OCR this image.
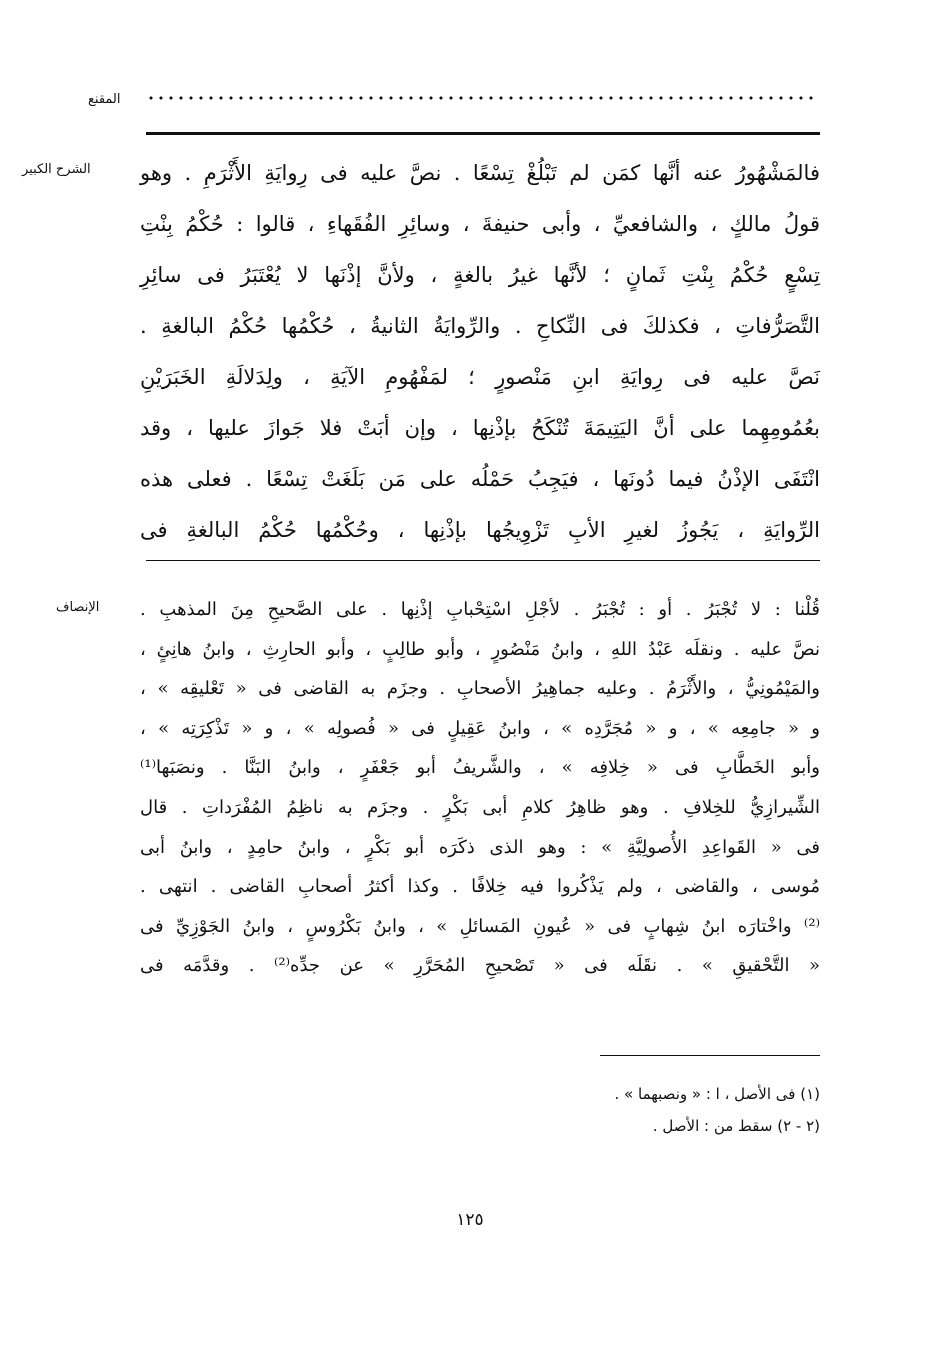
المقنع
الشرح الكبير فالمَشْهُورُ عنه أنَّها كمَن لم تَبْلُغْ تِسْعًا . نصَّ عليه فى رِوايَةِ الأَثْرَمِ . وهو
قولُ مالكٍ ، والشافعيِّ ، وأبى حنيفةَ ، وسائِرِ الفُقَهاءِ ، قالوا : حُكْمُ بِنْتِ
تِسْعٍ حُكْمُ بِنْتِ ثَمانٍ ؛ لأنَّها غيرُ بالغةٍ ، ولأنَّ إذْنَها لا يُعْتَبَرُ فى سائِرِ
التَّصَرُّفاتِ ، فكذلكَ فى النِّكاحِ . والرِّوايَةُ الثانيةُ ، حُكْمُها حُكْمُ البالغةِ .
نَصَّ عليه فى رِوايَةِ ابنِ مَنْصورٍ ؛ لمَفْهُومِ الآيَةِ ، ولِدَلالَةِ الخَبَرَيْنِ
بعُمُومِهِما على أنَّ اليَتِيمَةَ تُنْكَحُ بإذْنِها ، وإن أبَتْ فلا جَوازَ عليها ، وقد
انْتَفَى الإذْنُ فيما دُونَها ، فيَجِبُ حَمْلُه على مَن بَلَغَتْ تِسْعًا . فعلى هذه
الرِّوايَةِ ، يَجُوزُ لغيرِ الأبِ تَزْوِيجُها بإذْنِها ، وحُكْمُها حُكْمُ البالغةِ فى
الإنصاف قُلْنا : لا تُجْبَرُ . أو : تُجْبَرُ . لأجْلِ اسْتِحْبابِ إذْنِها . على الصَّحيحِ مِنَ المذهبِ .
نصَّ عليه . ونقلَه عَبْدُ اللهِ ، وابنُ مَنْصُورٍ ، وأبو طالِبٍ ، وأبو الحارِثِ ، وابنُ هانِئٍ ،
والمَيْمُونِيُّ ، والأَثْرَمُ . وعليه جماهِيرُ الأصحابِ . وجزَم به القاضى فى « تَعْليقِه » ،
و « جامِعِه » ، و « مُجَرَّدِه » ، وابنُ عَقِيلٍ فى « فُصولِه » ، و « تَذْكِرَتِه » ،
وأبو الخَطَّابِ فى « خِلافِه » ، والشَّريفُ أبو جَعْفَرٍ ، وابنُ البَنَّا . ونصَبَها⁽¹⁾
الشِّيرازِيُّ للخِلافِ . وهو ظاهِرُ كلامِ أبى بَكْرٍ . وجزَم به ناظِمُ المُفْرَداتِ . قال
فى « القَواعِدِ الأُصولِيَّةِ » : وهو الذى ذكَرَه أبو بَكْرٍ ، وابنُ حامِدٍ ، وابنُ أبى
مُوسى ، والقاضى ، ولم يَذْكُروا فيه خِلافًا . وكذا أكثرُ أصحابِ القاضى . انتهى .
⁽²⁾ واخْتارَه ابنُ شِهابٍ فى « عُيونِ المَسائلِ » ، وابنُ بَكْرُوسٍ ، وابنُ الجَوْزِيِّ فى
« التَّحْقيقِ » . نقَلَه فى « تَصْحيحِ المُحَرَّرِ » عن جدِّه⁽²⁾ . وقدَّمَه فى
(١) فى الأصل ، ا : « ونصبهما » .
(٢ - ٢) سقط من : الأصل .
١٢٥
